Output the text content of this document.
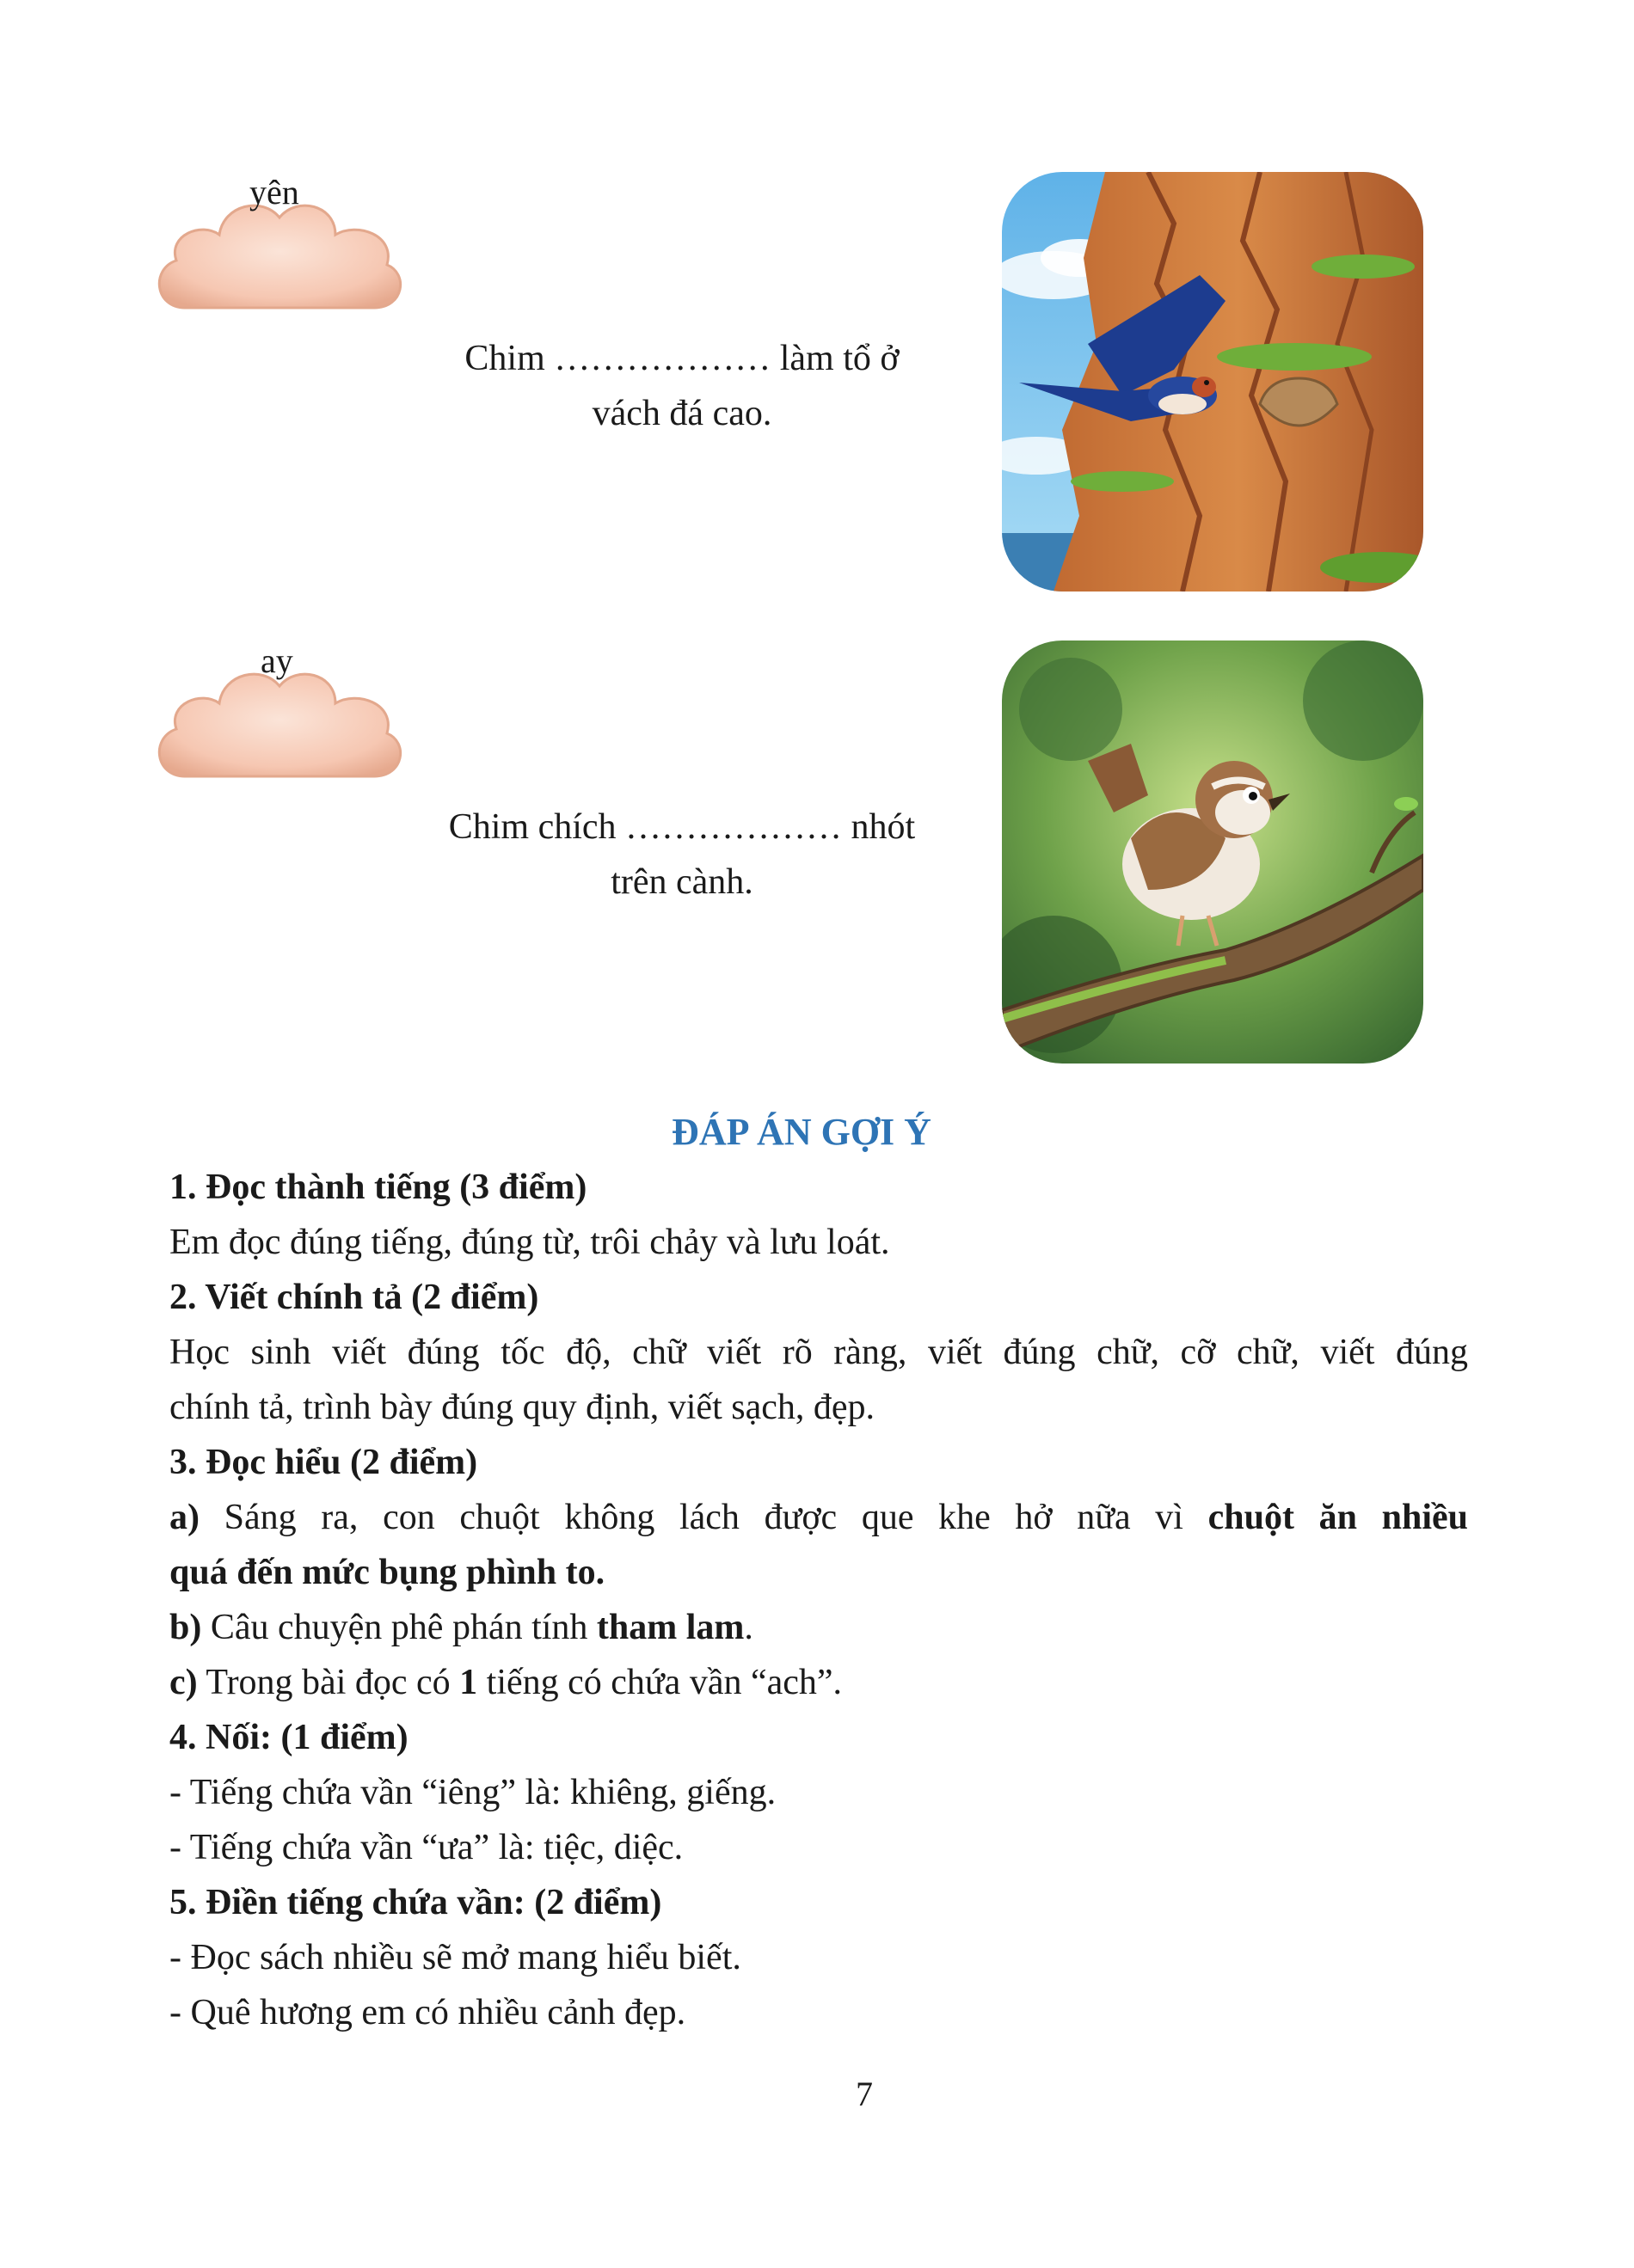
yên
Chim ……………… làm tổ ở
vách đá cao.
ay
Chim chích ……………… nhót
trên cành.
ĐÁP ÁN GỢI Ý

1. Đọc thành tiếng (3 điểm)

Em đọc đúng tiếng, đúng từ, trôi chảy và lưu loát.

2. Viết chính tả (2 điểm)

Học sinh viết đúng tốc độ, chữ viết rõ ràng, viết đúng chữ, cỡ chữ, viết đúng

chính tả, trình bày đúng quy định, viết sạch, đẹp.

3. Đọc hiểu (2 điểm)

a) Sáng ra, con chuột không lách được que khe hở nữa vì chuột ăn nhiều

quá đến mức bụng phình to.

b) Câu chuyện phê phán tính tham lam.

c) Trong bài đọc có 1 tiếng có chứa vần “ach”.

4. Nối: (1 điểm)

- Tiếng chứa vần “iêng” là: khiêng, giếng.

- Tiếng chứa vần “ưa” là: tiệc, diệc.

5. Điền tiếng chứa vần: (2 điểm)

- Đọc sách nhiều sẽ mở mang hiểu biết.

- Quê hương em có nhiều cảnh đẹp.

7
